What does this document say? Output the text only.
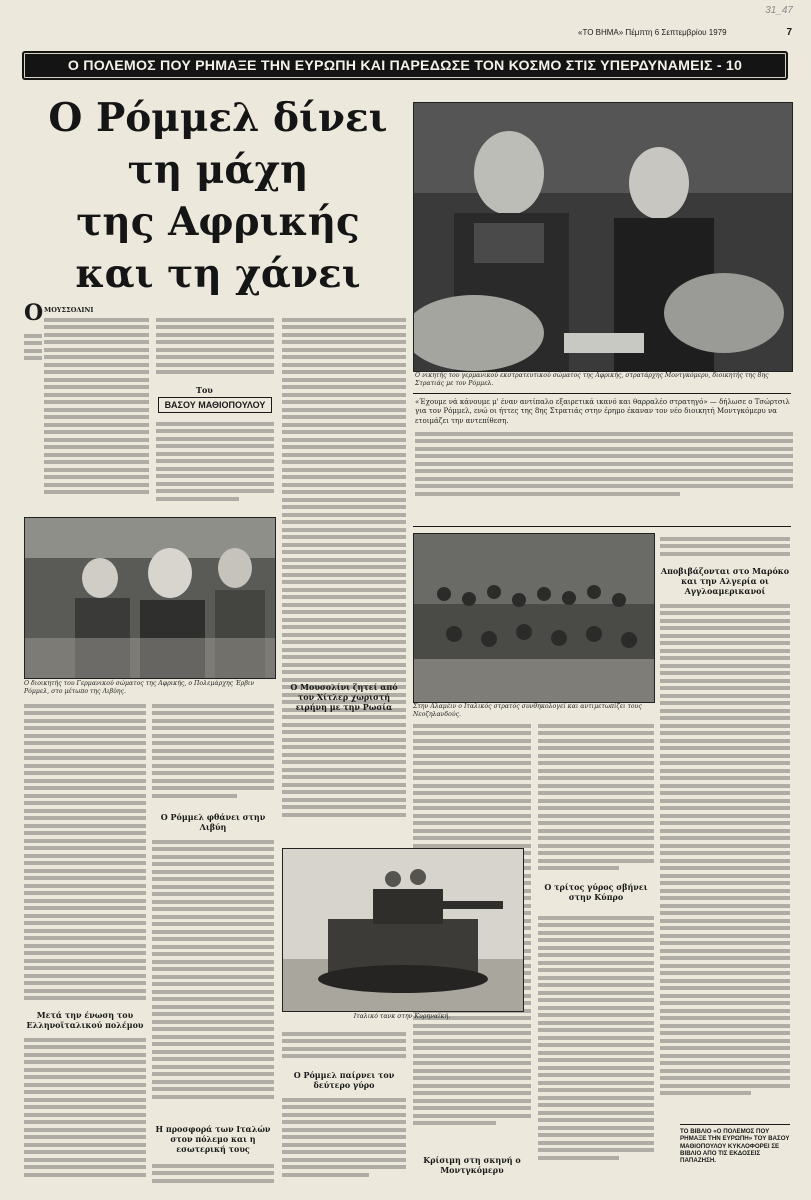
31_47
«ΤΟ ΒΗΜΑ» Πέμπτη 6 Σεπτεμβρίου 1979	7
Ο ΠΟΛΕΜΟΣ ΠΟΥ ΡΗΜΑΞΕ ΤΗΝ ΕΥΡΩΠΗ ΚΑΙ ΠΑΡΕΔΩΣΕ ΤΟΝ ΚΟΣΜΟ ΣΤΙΣ ΥΠΕΡΔΥΝΑΜΕΙΣ - 10
Ο Ρόμμελ δίνει
τη μάχη
της Αφρικής
και τη χάνει
Ο νικητής του γερμανικού εκστρατευτικού σώματος της Αφρικής, στρατάρχης Μοντγκόμερυ, διοικητής της 8ης Στρατιάς με τον Ρόμμελ.
«Έχουμε νά κάνουμε μ' έναν αντίπαλο εξαιρετικά ικανό και θαρραλέο στρατηγό» — δήλωσε ο Τσώρτσιλ για τον Ρόμμελ, ενώ οι ήττες της 8ης Στρατιάς στην έρημο έκαναν τον νέο διοικητή Μοντγκόμερυ να ετοιμάζει την αντεπίθεση.
Ο ΜΟΥΣΣΟΛΙΝΙ
Του
ΒΑΣΟΥ ΜΑΘΙΟΠΟΥΛΟΥ
Ο διοικητής του Γερμανικού σώματος της Αφρικής, ο Πολεμάρχης Έρβιν Ρόμμελ, στο μέτωπο της Λιβύης.
Μετά την ένωση του Ελληνοϊταλικού πολέμου
Ο Ρόμμελ φθάνει στην Λιβύη
Η προσφορά των Ιταλών στον πόλεμο και η εσωτερική τους
Ο Μουσολίνι ζητεί από τον Χίτλερ χωριστή ειρήνη με την Ρωσία	Στην Αλαμέιν ο Ιταλικός στρατός συνθηκολογεί και αντιμετωπίζει τους Νεοζηλανδούς.
Αποβιβάζονται στο Μαρόκο και την Αλγερία οι Αγγλοαμερικανοί
ΤΟ ΒΙΒΛΙΟ «Ο ΠΟΛΕΜΟΣ ΠΟΥ ΡΗΜΑΞΕ ΤΗΝ ΕΥΡΩΠΗ» ΤΟΥ ΒΑΣΟΥ ΜΑΘΙΟΠΟΥΛΟΥ ΚΥΚΛΟΦΟΡΕΙ ΣΕ ΒΙΒΛΙΟ ΑΠΟ ΤΙΣ ΕΚΔΟΣΕΙΣ ΠΑΠΑΖΗΣΗ.
Ο τρίτος γύρος σβήνει στην Κύπρο
Ιταλικό τανκ στην Κυρηναϊκή.
Ο Ρόμμελ παίρνει τον δεύτερο γύρο
Κρίσιμη στη σκηνή ο Μοντγκόμερυ
